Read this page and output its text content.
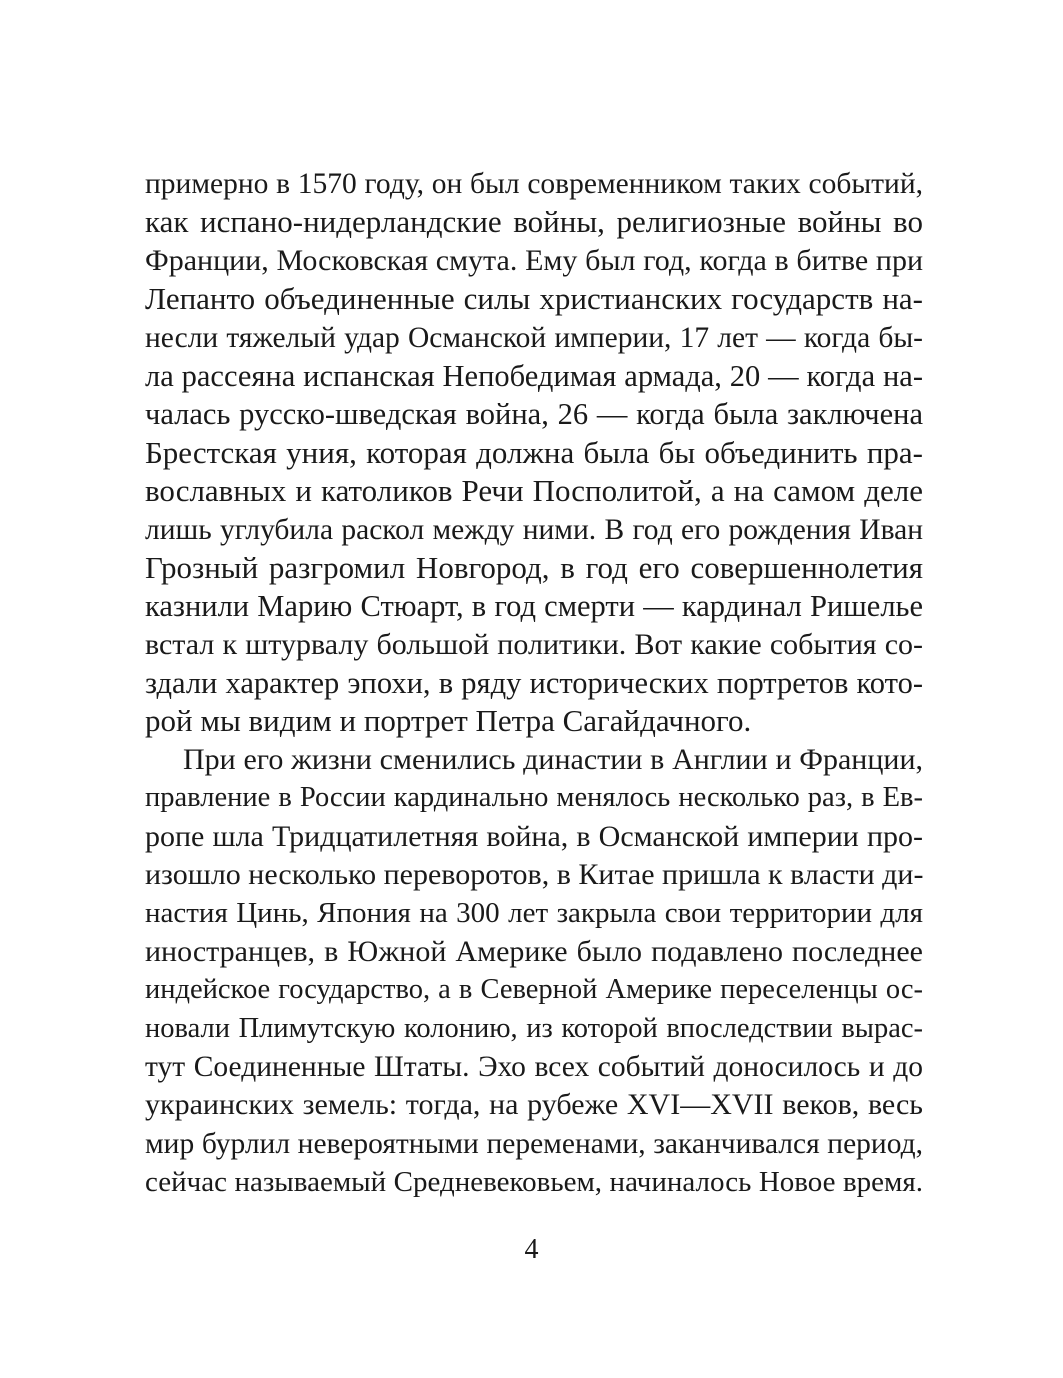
примерно в 1570 году, он был современником таких событий,
как испано-нидерландские войны, религиозные войны во
Франции, Московская смута. Ему был год, когда в битве при
Лепанто объединенные силы христианских государств на-
несли тяжелый удар Османской империи, 17 лет — когда бы-
ла рассеяна испанская Непобедимая армада, 20 — когда на-
чалась русско-шведская война, 26 — когда была заключена
Брестская уния, которая должна была бы объединить пра-
вославных и католиков Речи Посполитой, а на самом деле
лишь углубила раскол между ними. В год его рождения Иван
Грозный разгромил Новгород, в год его совершеннолетия
казнили Марию Стюарт, в год смерти — кардинал Ришелье
встал к штурвалу большой политики. Вот какие события со-
здали характер эпохи, в ряду исторических портретов кото-
рой мы видим и портрет Петра Сагайдачного.
При его жизни сменились династии в Англии и Франции,
правление в России кардинально менялось несколько раз, в Ев-
ропе шла Тридцатилетняя война, в Османской империи про-
изошло несколько переворотов, в Китае пришла к власти ди-
настия Цинь, Япония на 300 лет закрыла свои территории для
иностранцев, в Южной Америке было подавлено последнее
индейское государство, а в Северной Америке переселенцы ос-
новали Плимутскую колонию, из которой впоследствии вырас-
тут Соединенные Штаты. Эхо всех событий доносилось и до
украинских земель: тогда, на рубеже XVI—XVII веков, весь
мир бурлил невероятными переменами, заканчивался период,
сейчас называемый Средневековьем, начиналось Новое время.
4
